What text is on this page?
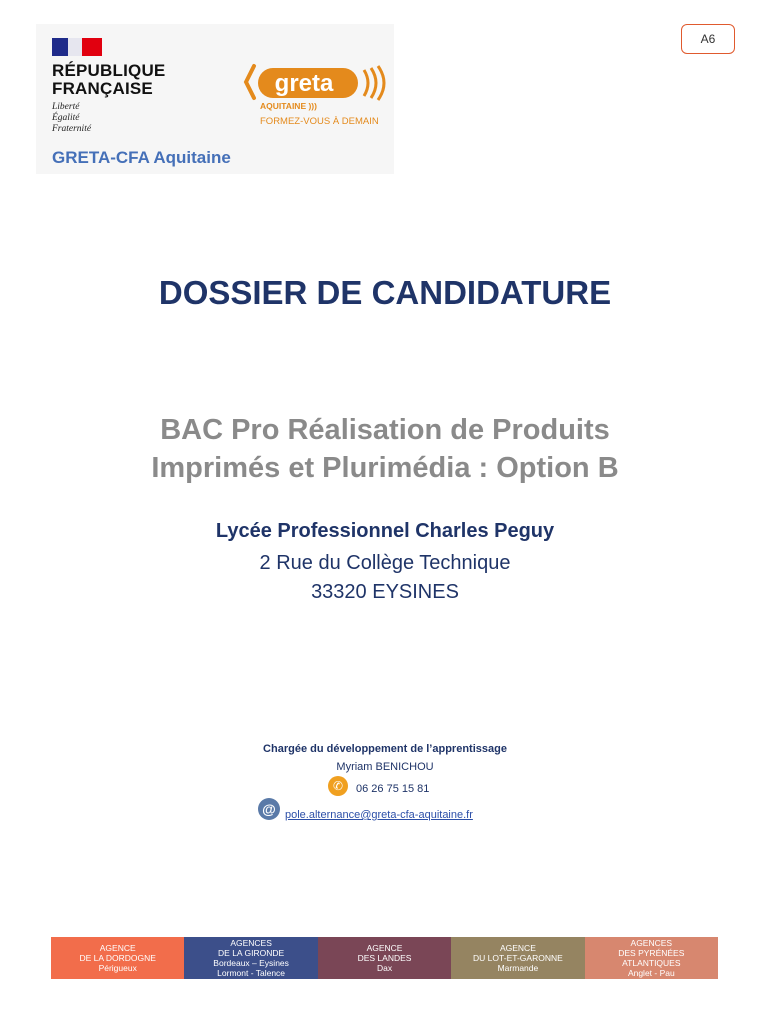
RÉPUBLIQUE
FRANÇAISE
Liberté
Égalité
Fraternité
GRETA-CFA Aquitaine
greta
AQUITAINE )))
FORMEZ-VOUS À DEMAIN
A6
DOSSIER DE CANDIDATURE
BAC Pro Réalisation de Produits
Imprimés et Plurimédia : Option B
Lycée Professionnel Charles Peguy
2 Rue du Collège Technique
33320 EYSINES
Chargée du développement de l’apprentissage
Myriam BENICHOU
✆	06 26 75 15 81
@ pole.alternance@greta-cfa-aquitaine.fr
AGENCE
DE LA DORDOGNE
Périgueux
AGENCES
DE LA GIRONDE
Bordeaux – Eysines
Lormont - Talence
AGENCE
DES LANDES
Dax
AGENCE
DU LOT-ET-GARONNE
Marmande
AGENCES
DES PYRÉNÉES
ATLANTIQUES
Anglet - Pau
